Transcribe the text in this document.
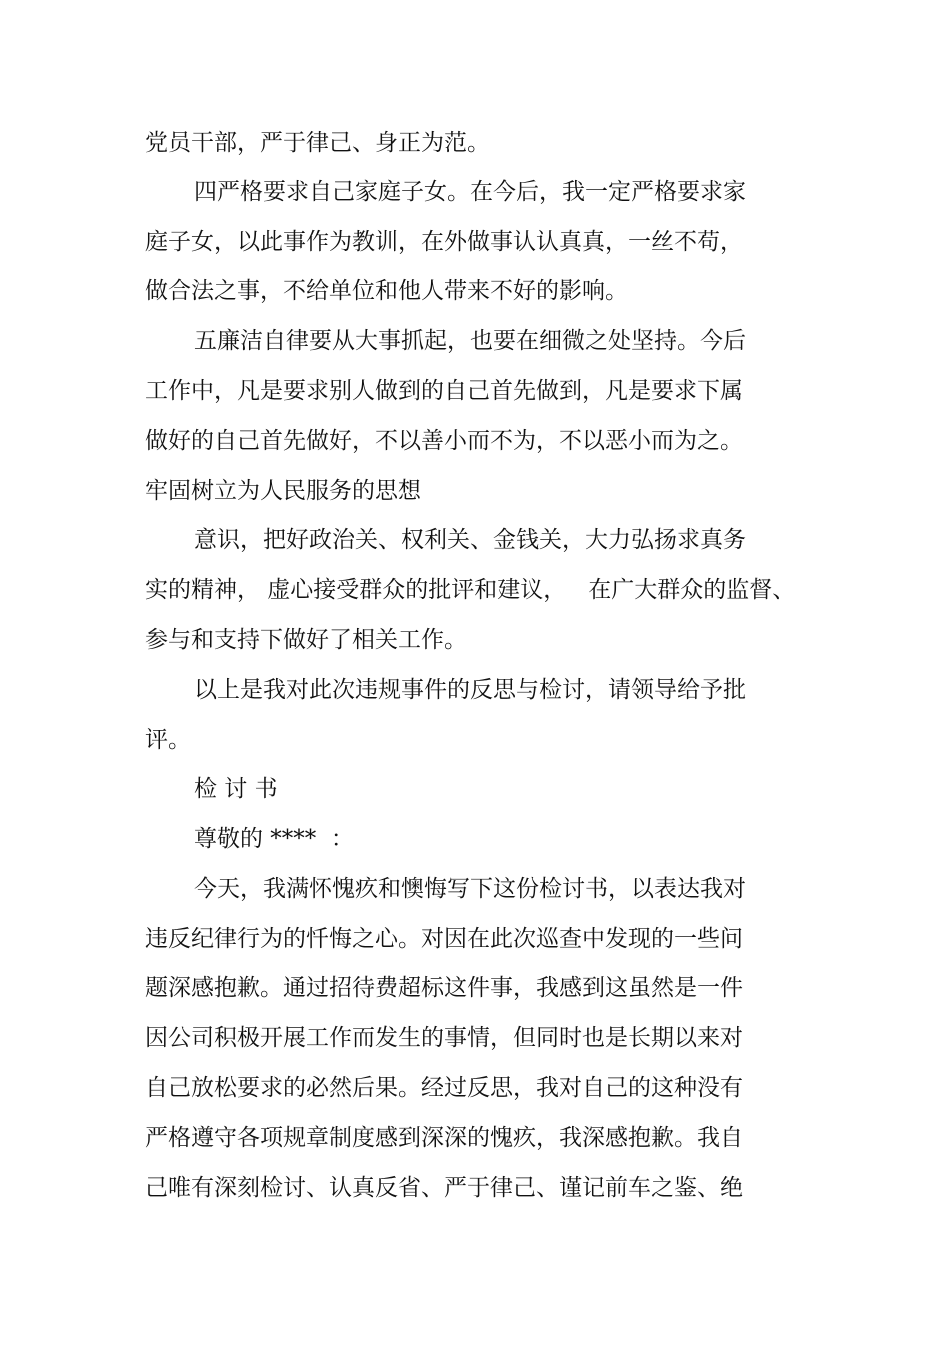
党员干部，严于律己、身正为范。

四严格要求自己家庭子女。在今后，我一定严格要求家

庭子女，以此事作为教训，在外做事认认真真，一丝不苟，

做合法之事，不给单位和他人带来不好的影响。

五廉洁自律要从大事抓起，也要在细微之处坚持。今后

工作中，凡是要求别人做到的自己首先做到，凡是要求下属

做好的自己首先做好，不以善小而不为，不以恶小而为之。

牢固树立为人民服务的思想

意识，把好政治关、权利关、金钱关，大力弘扬求真务

实的精神， 虚心接受群众的批评和建议，   在广大群众的监督、

参与和支持下做好了相关工作。

以上是我对此次违规事件的反思与检讨，请领导给予批

评。

检 讨 书

尊敬的 ****  ：

今天，我满怀愧疚和懊悔写下这份检讨书，以表达我对

违反纪律行为的忏悔之心。对因在此次巡查中发现的一些问

题深感抱歉。通过招待费超标这件事，我感到这虽然是一件

因公司积极开展工作而发生的事情，但同时也是长期以来对

自己放松要求的必然后果。经过反思，我对自己的这种没有

严格遵守各项规章制度感到深深的愧疚，我深感抱歉。我自

己唯有深刻检讨、认真反省、严于律己、谨记前车之鉴、绝
